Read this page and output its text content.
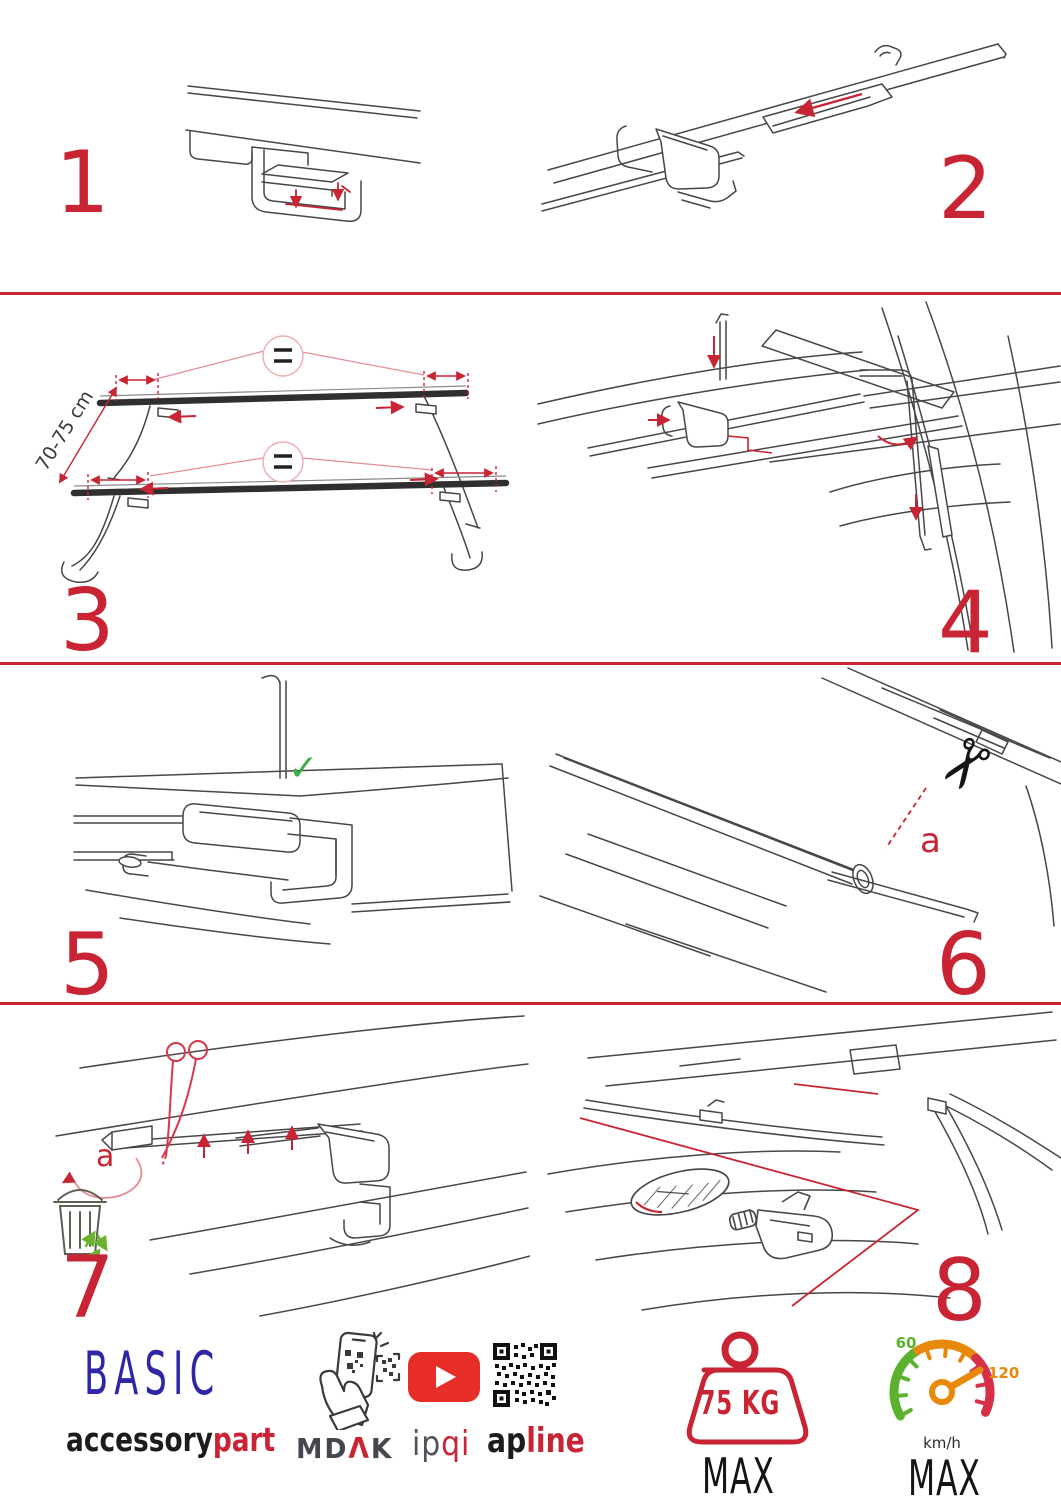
70-75 cm
✓	✂
a
a
1	2
3	4
5	6
7	8
BASIC
accessorypart MDΛK ipqi apline
75 KG
MAX
60
120
km/h
MAX
